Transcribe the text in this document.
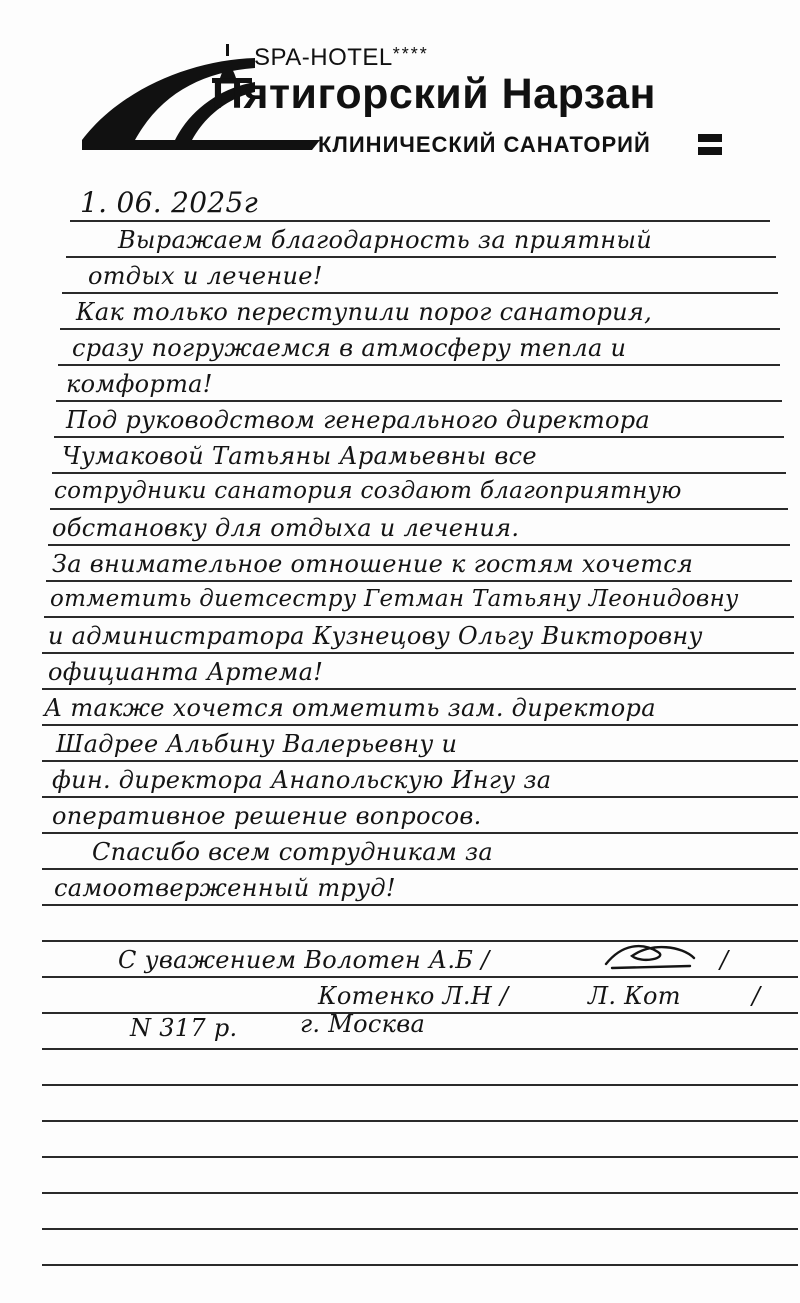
SPA-HOTEL****
Пятигорский Нарзан
КЛИНИЧЕСКИЙ САНАТОРИЙ
1. 06. 2025г
Выражаем благодарность за приятный
отдых и лечение!
Как только переступили порог санатория,
сразу погружаемся в атмосферу тепла и
комфорта!
Под руководством генерального директора
Чумаковой Татьяны Арамьевны все
сотрудники санатория создают благоприятную
обстановку для отдыха и лечения.
За внимательное отношение к гостям хочется
отметить диетсестру Гетман Татьяну Леонидовну
и администратора Кузнецову Ольгу Викторовну
официанта Артема!
А также хочется отметить зам. директора
Шадрее Альбину Валерьевну и
фин. директора Анапольскую Ингу за
оперативное решение вопросов.
Спасибо всем сотрудникам за
самоотверженный труд!
С уважением Волотен А.Б /	/
Котенко Л.Н /	Л. Кот	/
N 317 р.	г. Москва
